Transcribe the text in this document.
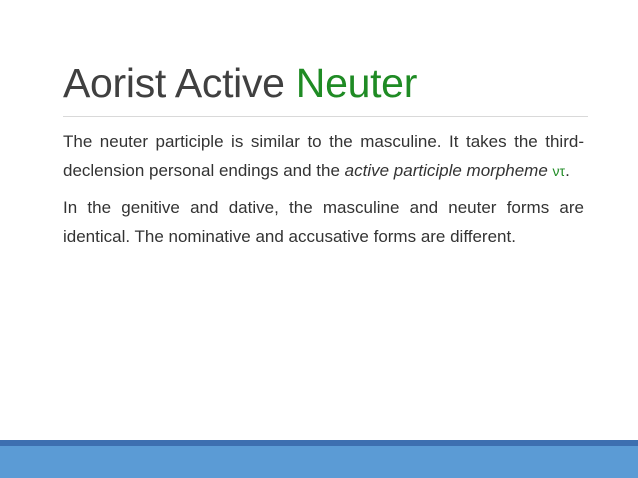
Aorist Active Neuter

The neuter participle is similar to the masculine. It takes the third-declension personal endings and the active participle morpheme ντ.

In the genitive and dative, the masculine and neuter forms are identical. The nominative and accusative forms are different.
